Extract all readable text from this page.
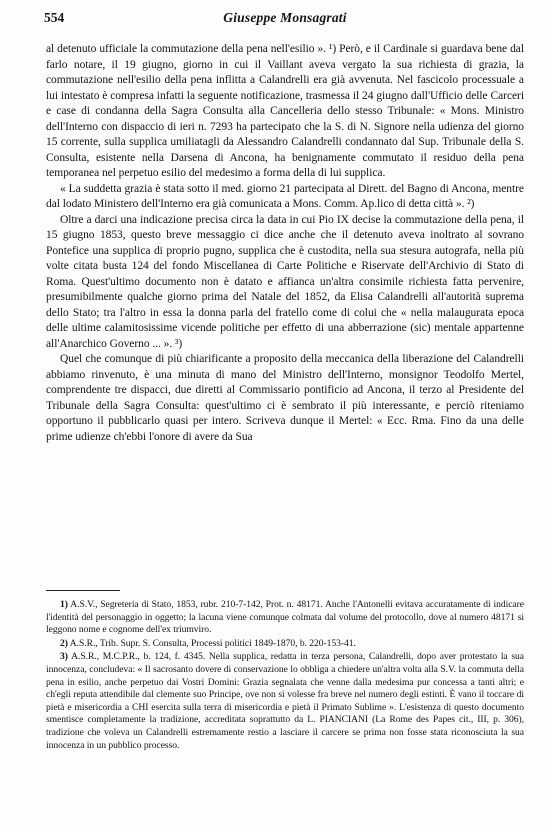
554	Giuseppe Monsagrati

al detenuto ufficiale la commutazione della pena nell'esilio ». ¹) Però, e il Cardinale si guardava bene dal farlo notare, il 19 giugno, giorno in cui il Vaillant aveva vergato la sua richiesta di grazia, la commutazione nell'esilio della pena inflitta a Calandrelli era già avvenuta. Nel fascicolo processuale a lui intestato è compresa infatti la seguente notificazione, trasmessa il 24 giugno dall'Ufficio delle Carceri e case di condanna della Sagra Consulta alla Cancelleria dello stesso Tribunale: « Mons. Ministro dell'Interno con dispaccio di ieri n. 7293 ha partecipato che la S. di N. Signore nella udienza del giorno 15 corrente, sulla supplica umiliatagli da Alessandro Calandrelli condannato dal Sup. Tribunale della S. Consulta, esistente nella Darsena di Ancona, ha benignamente commutato il residuo della pena temporanea nel perpetuo esilio del medesimo a forma della di lui supplica.

« La suddetta grazia è stata sotto il med. giorno 21 partecipata al Dirett. del Bagno di Ancona, mentre dal lodato Ministero dell'Interno era già comunicata a Mons. Comm. Ap.lico di detta città ». ²)

Oltre a darci una indicazione precisa circa la data in cui Pio IX decise la commutazione della pena, il 15 giugno 1853, questo breve messaggio ci dice anche che il detenuto aveva inoltrato al sovrano Pontefice una supplica di proprio pugno, supplica che è custodita, nella sua stesura autografa, nella più volte citata busta 124 del fondo Miscellanea di Carte Politiche e Riservate dell'Archivio di Stato di Roma. Quest'ultimo documento non è datato e affianca un'altra consimile richiesta fatta pervenire, presumibilmente qualche giorno prima del Natale del 1852, da Elisa Calandrelli all'autorità suprema dello Stato; tra l'altro in essa la donna parla del fratello come di colui che « nella malaugurata epoca delle ultime calamitosissime vicende politiche per effetto di una abberrazione (sic) mentale appartenne all'Anarchico Governo ... ». ³)

Quel che comunque di più chiarificante a proposito della meccanica della liberazione del Calandrelli abbiamo rinvenuto, è una minuta di mano del Ministro dell'Interno, monsignor Teodolfo Mertel, comprendente tre dispacci, due diretti al Commissario pontificio ad Ancona, il terzo al Presidente del Tribunale della Sagra Consulta: quest'ultimo ci è sembrato il più interessante, e perciò riteniamo opportuno il pubblicarlo quasi per intero. Scriveva dunque il Mertel: « Ecc. Rma. Fino da una delle prime udienze ch'ebbi l'onore di avere da Sua

1) A.S.V., Segreteria di Stato, 1853, rubr. 210-7-142, Prot. n. 48171. Anche l'Antonelli evitava accuratamente di indicare l'identità del personaggio in oggetto; la lacuna viene comunque colmata dal volume del protocollo, dove al numero 48171 si leggono nome e cognome dell'ex triumviro.

2) A.S.R., Trib. Supr. S. Consulta, Processi politici 1849-1870, b. 220-153-41.

3) A.S.R., M.C.P.R., b. 124, f. 4345. Nella supplica, redatta in terza persona, Calandrelli, dopo aver protestato la sua innocenza, concludeva: « Il sacrosanto dovere di conservazione lo obbliga a chiedere un'altra volta alla S.V. la commuta della pena in esilio, anche perpetuo dai Vostri Domini: Grazia segnalata che venne dalla medesima pur concessa a tanti altri; e ch'egli reputa attendibile dal clemente suo Principe, ove non si volesse fra breve nel numero degli estinti. È vano il toccare di pietà e misericordia a CHI esercita sulla terra di misericordia e pietà il Primato Sublime ». L'esistenza di questo documento smentisce completamente la tradizione, accreditata soprattutto da L. PIANCIANI (La Rome des Papes cit., III, p. 306), tradizione che voleva un Calandrelli estremamente restio a lasciare il carcere se prima non fosse stata riconosciuta la sua innocenza in un pubblico processo.
